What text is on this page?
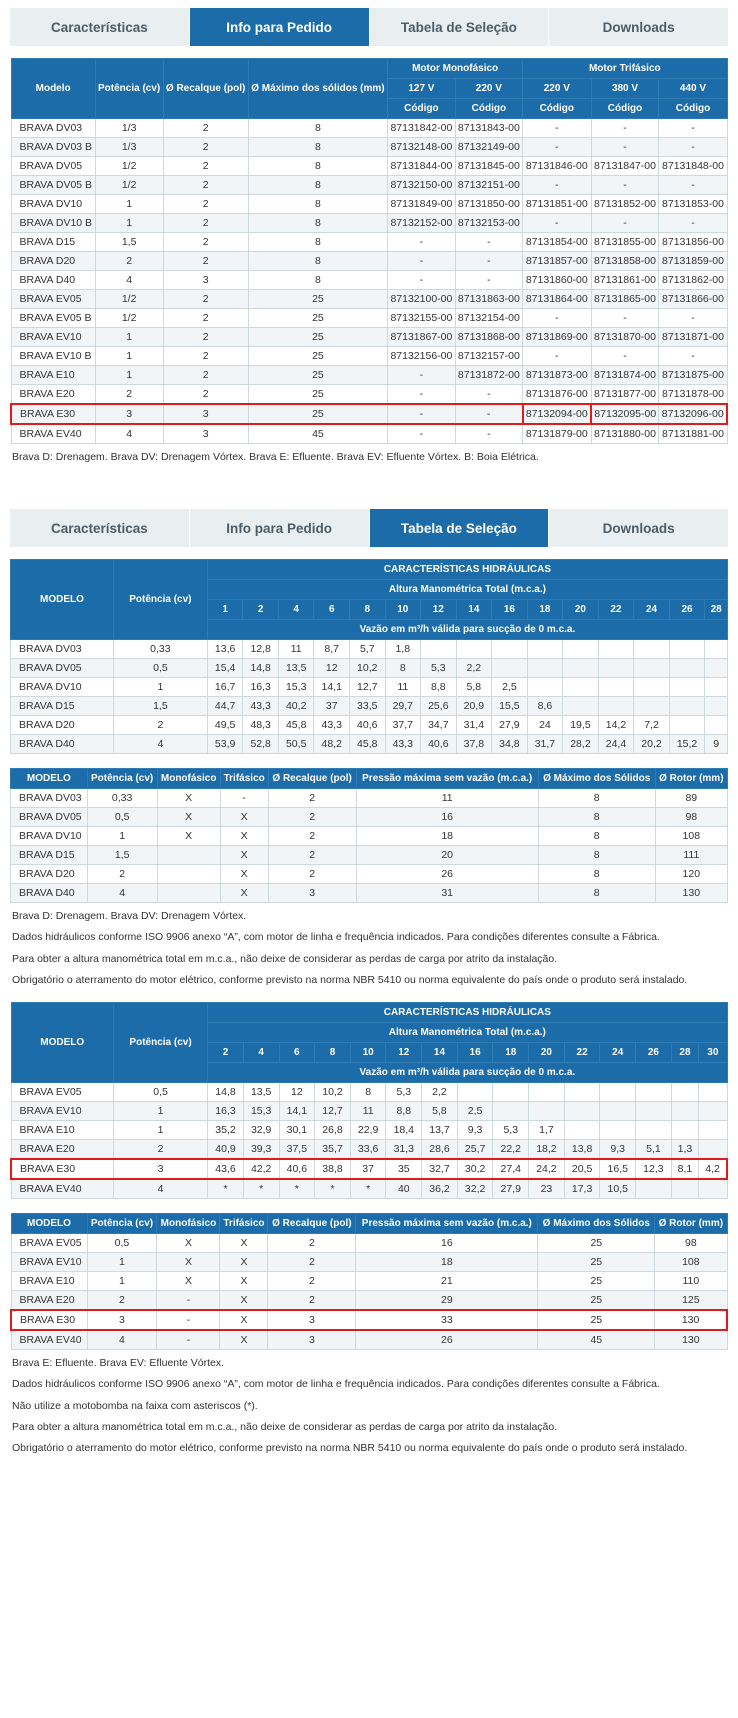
Características	Info para Pedido	Tabela de Seleção	Downloads
Modelo	Potência (cv)	Ø Recalque (pol)	Ø Máximo dos sólidos (mm)	Motor Monofásico		Motor Trifásico		
				127 V	220 V	220 V	380 V	440 V
				Código	Código	Código	Código	Código
BRAVA DV03	1/3	2	8	87131842-00	87131843-00	-	-	-
BRAVA DV03 B	1/3	2	8	87132148-00	87132149-00	-	-	-
BRAVA DV05	1/2	2	8	87131844-00	87131845-00	87131846-00	87131847-00	87131848-00
BRAVA DV05 B	1/2	2	8	87132150-00	87132151-00	-	-	-
BRAVA DV10	1	2	8	87131849-00	87131850-00	87131851-00	87131852-00	87131853-00
BRAVA DV10 B	1	2	8	87132152-00	87132153-00	-	-	-
BRAVA D15	1,5	2	8	-	-	87131854-00	87131855-00	87131856-00
BRAVA D20	2	2	8	-	-	87131857-00	87131858-00	87131859-00
BRAVA D40	4	3	8	-	-	87131860-00	87131861-00	87131862-00
BRAVA EV05	1/2	2	25	87132100-00	87131863-00	87131864-00	87131865-00	87131866-00
BRAVA EV05 B	1/2	2	25	87132155-00	87132154-00	-	-	-
BRAVA EV10	1	2	25	87131867-00	87131868-00	87131869-00	87131870-00	87131871-00
BRAVA EV10 B	1	2	25	87132156-00	87132157-00	-	-	-
BRAVA E10	1	2	25	-	87131872-00	87131873-00	87131874-00	87131875-00
BRAVA E20	2	2	25	-	-	87131876-00	87131877-00	87131878-00
BRAVA E30	3	3	25	-	-	87132094-00	87132095-00	87132096-00
BRAVA EV40	4	3	45	-	-	87131879-00	87131880-00	87131881-00
Brava D: Drenagem. Brava DV: Drenagem Vórtex. Brava E: Efluente. Brava EV: Efluente Vórtex. B: Boia Elétrica.
Características	Info para Pedido	Tabela de Seleção	Downloads
MODELO	Potência (cv)	CARACTERÍSTICAS HIDRÁULICAS														
		Altura Manométrica Total (m.c.a.)														
		1	2	4	6	8	10	12	14	16	18	20	22	24	26	28
		Vazão em m³/h válida para sucção de 0 m.c.a.														
BRAVA DV03	0,33	13,6	12,8	11	8,7	5,7	1,8									
BRAVA DV05	0,5	15,4	14,8	13,5	12	10,2	8	5,3	2,2							
BRAVA DV10	1	16,7	16,3	15,3	14,1	12,7	11	8,8	5,8	2,5						
BRAVA D15	1,5	44,7	43,3	40,2	37	33,5	29,7	25,6	20,9	15,5	8,6					
BRAVA D20	2	49,5	48,3	45,8	43,3	40,6	37,7	34,7	31,4	27,9	24	19,5	14,2	7,2		
BRAVA D40	4	53,9	52,8	50,5	48,2	45,8	43,3	40,6	37,8	34,8	31,7	28,2	24,4	20,2	15,2	9
MODELO	Potência (cv)	Monofásico	Trifásico	Ø Recalque (pol)	Pressão máxima sem vazão (m.c.a.)	Ø Máximo dos Sólidos	Ø Rotor (mm)
BRAVA DV03	0,33	X	-	2	11	8	89
BRAVA DV05	0,5	X	X	2	16	8	98
BRAVA DV10	1	X	X	2	18	8	108
BRAVA D15	1,5		X	2	20	8	111
BRAVA D20	2		X	2	26	8	120
BRAVA D40	4		X	3	31	8	130
Brava D: Drenagem. Brava DV: Drenagem Vórtex.
Dados hidráulicos conforme ISO 9906 anexo “A”, com motor de linha e frequência indicados. Para condições diferentes consulte a Fábrica.
Para obter a altura manométrica total em m.c.a., não deixe de considerar as perdas de carga por atrito da instalação.
Obrigatório o aterramento do motor elétrico, conforme previsto na norma NBR 5410 ou norma equivalente do país onde o produto será instalado.
MODELO	Potência (cv)	CARACTERÍSTICAS HIDRÁULICAS														
		Altura Manométrica Total (m.c.a.)														
		2	4	6	8	10	12	14	16	18	20	22	24	26	28	30
		Vazão em m³/h válida para sucção de 0 m.c.a.														
BRAVA EV05	0,5	14,8	13,5	12	10,2	8	5,3	2,2								
BRAVA EV10	1	16,3	15,3	14,1	12,7	11	8,8	5,8	2,5							
BRAVA E10	1	35,2	32,9	30,1	26,8	22,9	18,4	13,7	9,3	5,3	1,7					
BRAVA E20	2	40,9	39,3	37,5	35,7	33,6	31,3	28,6	25,7	22,2	18,2	13,8	9,3	5,1	1,3	
BRAVA E30	3	43,6	42,2	40,6	38,8	37	35	32,7	30,2	27,4	24,2	20,5	16,5	12,3	8,1	4,2
BRAVA EV40	4	*	*	*	*	*	40	36,2	32,2	27,9	23	17,3	10,5			
MODELO	Potência (cv)	Monofásico	Trifásico	Ø Recalque (pol)	Pressão máxima sem vazão (m.c.a.)	Ø Máximo dos Sólidos	Ø Rotor (mm)
BRAVA EV05	0,5	X	X	2	16	25	98
BRAVA EV10	1	X	X	2	18	25	108
BRAVA E10	1	X	X	2	21	25	110
BRAVA E20	2	-	X	2	29	25	125
BRAVA E30	3	-	X	3	33	25	130
BRAVA EV40	4	-	X	3	26	45	130
Brava E: Efluente. Brava EV: Efluente Vórtex.
Dados hidráulicos conforme ISO 9906 anexo “A”, com motor de linha e frequência indicados. Para condições diferentes consulte a Fábrica.
Não utilize a motobomba na faixa com asteriscos (*).
Para obter a altura manométrica total em m.c.a., não deixe de considerar as perdas de carga por atrito da instalação.
Obrigatório o aterramento do motor elétrico, conforme previsto na norma NBR 5410 ou norma equivalente do país onde o produto será instalado.
